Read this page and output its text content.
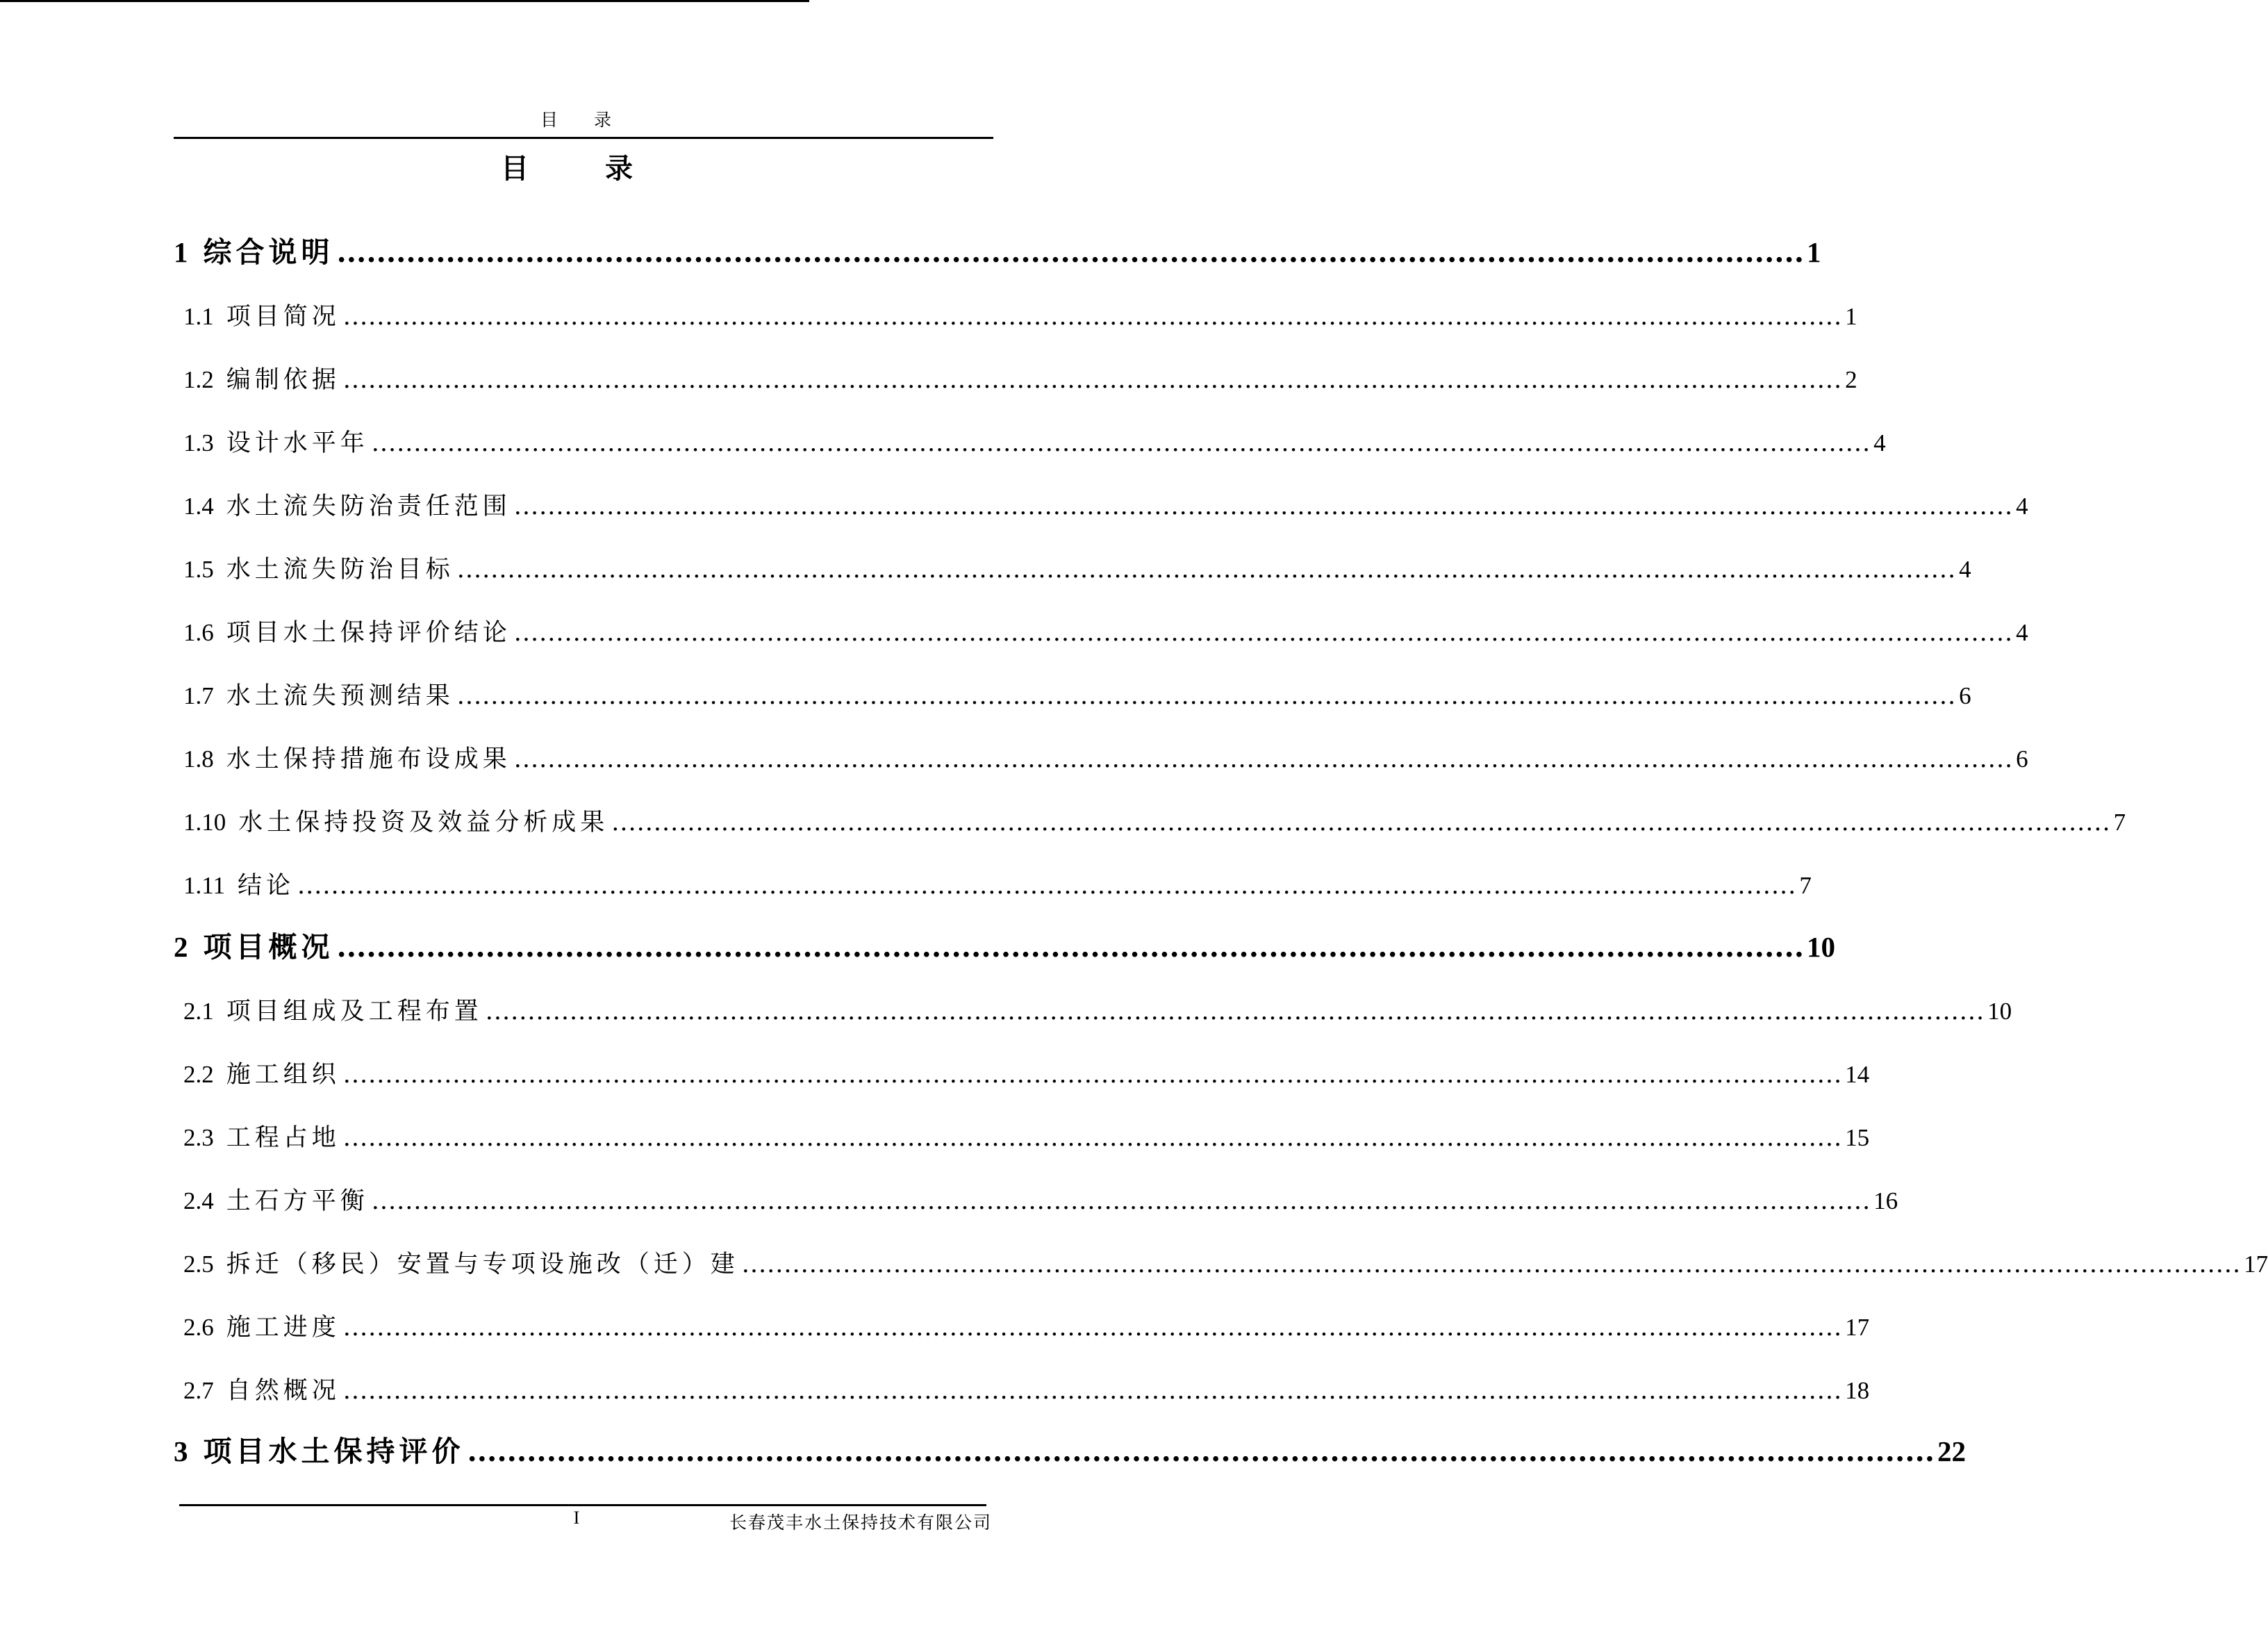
目 录
目 录
1 综合说明 .................................................................................................................................................... 1
1.1 项目简况 .................................................................................................................................................................................. 1
1.2 编制依据 .................................................................................................................................................................................. 2
1.3 设计水平年 .................................................................................................................................................................................. 4
1.4 水土流失防治责任范围 .................................................................................................................................................................................. 4
1.5 水土流失防治目标 .................................................................................................................................................................................. 4
1.6 项目水土保持评价结论 .................................................................................................................................................................................. 4
1.7 水土流失预测结果 .................................................................................................................................................................................. 6
1.8 水土保持措施布设成果 .................................................................................................................................................................................. 6
1.10 水土保持投资及效益分析成果 .................................................................................................................................................................................. 7
1.11 结论 .................................................................................................................................................................................. 7
2 项目概况 .................................................................................................................................................... 10
2.1 项目组成及工程布置 .................................................................................................................................................................................. 10
2.2 施工组织 .................................................................................................................................................................................. 14
2.3 工程占地 .................................................................................................................................................................................. 15
2.4 土石方平衡 .................................................................................................................................................................................. 16
2.5 拆迁（移民）安置与专项设施改（迁）建 .................................................................................................................................................................................. 17
2.6 施工进度 .................................................................................................................................................................................. 17
2.7 自然概况 .................................................................................................................................................................................. 18
3 项目水土保持评价 .................................................................................................................................................... 22
I	长春茂丰水土保持技术有限公司
